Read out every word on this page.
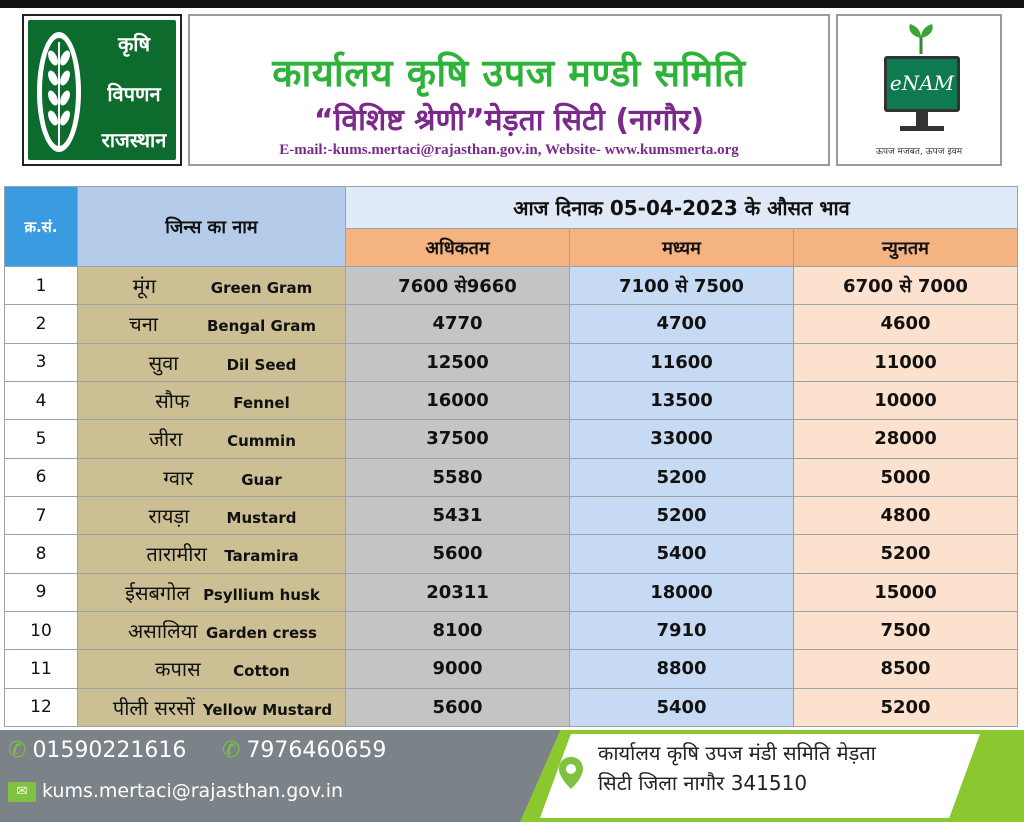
कृषि
विपणन
राजस्थान
कार्यालय कृषि उपज मण्डी समिति
“विशिष्ट श्रेणी”मेड़ता सिटी (नागौर)
E-mail:-kums.mertaci@rajasthan.gov.in, Website- www.kumsmerta.org
eNAM
ऊपज मजबत, ऊपज इवम
क्र.सं.	जिन्स का नाम	आज दिनाक 05-04-2023 के औसत भाव		
		अधिकतम	मध्यम	न्युनतम
1	मूंग Green Gram	7600 से9660	7100 से 7500	6700 से 7000
2	चना Bengal Gram	4770	4700	4600
3	सुवा Dil Seed	12500	11600	11000
4	सौफ Fennel	16000	13500	10000
5	जीरा Cummin	37500	33000	28000
6	ग्वार Guar	5580	5200	5000
7	रायड़ा Mustard	5431	5200	4800
8	तारामीरा Taramira	5600	5400	5200
9	ईसबगोल Psyllium husk	20311	18000	15000
10	असालिया Garden cress	8100	7910	7500
11	कपास Cotton	9000	8800	8500
12	पीली सरसों Yellow Mustard	5600	5400	5200
✆ 01590221616 ✆ 7976460659
✉ kums.mertaci@rajasthan.gov.in
कार्यालय कृषि उपज मंडी समिति मेड़ता
सिटी जिला नागौर 341510
